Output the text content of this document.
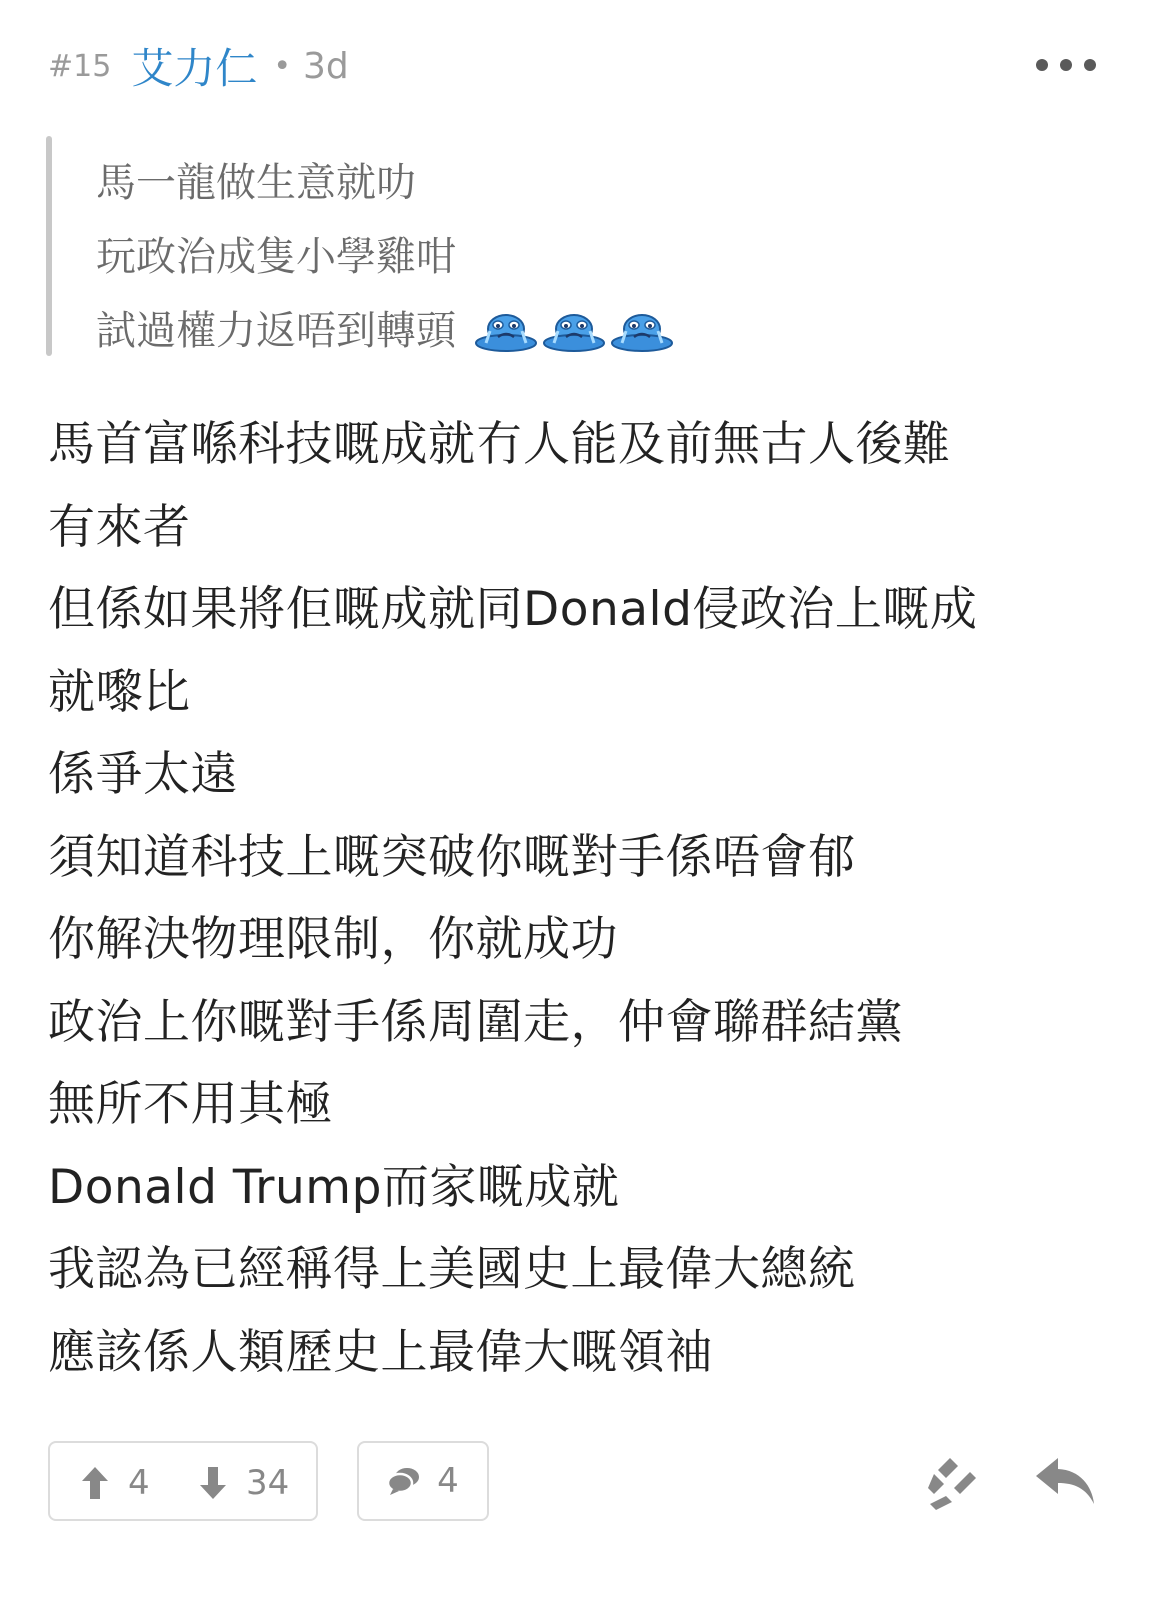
#15 艾力仁 • 3d
馬一龍做生意就叻
玩政治成隻小學雞咁
試過權力返唔到轉頭
馬首富喺科技嘅成就冇人能及前無古人後難
有來者
但係如果將佢嘅成就同Donald侵政治上嘅成
就嚟比
係爭太遠
須知道科技上嘅突破你嘅對手係唔會郁
你解決物理限制，你就成功
政治上你嘅對手係周圍走，仲會聯群結黨
無所不用其極
Donald Trump而家嘅成就
我認為已經稱得上美國史上最偉大總統
應該係人類歷史上最偉大嘅領袖
4	34	4
